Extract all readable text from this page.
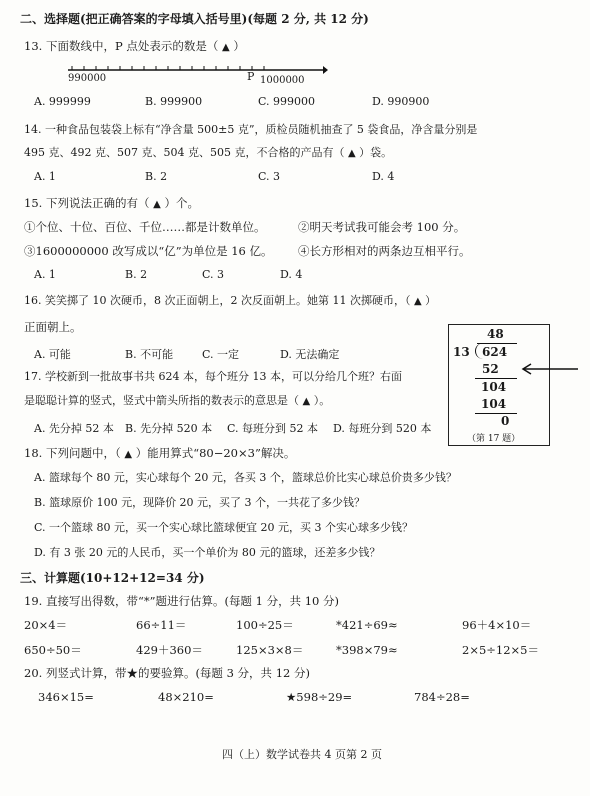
二、选择题(把正确答案的字母填入括号里)(每题 2 分, 共 12 分)
13. 下面数线中，P 点处表示的数是（ ▲ ）
990000	P 1000000
A. 999999	B. 999900	C. 999000	D. 990900
14. 一种食品包装袋上标有“净含量 500±5 克”，质检员随机抽查了 5 袋食品，净含量分别是
495 克、492 克、507 克、504 克、505 克，不合格的产品有（ ▲ ）袋。
A. 1	B. 2	C. 3	D. 4
15. 下列说法正确的有（ ▲ ）个。
①个位、十位、百位、千位……都是计数单位。	②明天考试我可能会考 100 分。
③1600000000 改写成以“亿”为单位是 16 亿。 ④长方形相对的两条边互相平行。
A. 1	B. 2	C. 3	D. 4
16. 笑笑掷了 10 次硬币，8 次正面朝上，2 次反面朝上。她第 11 次掷硬币，（ ▲ ）
正面朝上。
A. 可能	B. 不可能	C. 一定	D. 无法确定
17. 学校新到一批故事书共 624 本，每个班分 13 本，可以分给几个班？右面
是聪聪计算的竖式，竖式中箭头所指的数表示的意思是（ ▲ ）。
A. 先分掉 52 本 B. 先分掉 520 本 C. 每班分到 52 本 D. 每班分到 520 本
48
13 624
52
104
104
0
（第 17 题）
18. 下列问题中，（ ▲ ）能用算式“80−20×3”解决。
A. 篮球每个 80 元，实心球每个 20 元，各买 3 个，篮球总价比实心球总价贵多少钱？
B. 篮球原价 100 元，现降价 20 元，买了 3 个，一共花了多少钱？
C. 一个篮球 80 元，买一个实心球比篮球便宜 20 元，买 3 个实心球多少钱？
D. 有 3 张 20 元的人民币，买一个单价为 80 元的篮球，还差多少钱？
三、计算题(10+12+12=34 分)
19. 直接写出得数，带“*”题进行估算。(每题 1 分，共 10 分)
20×4＝	66÷11＝	100÷25＝	*421÷69≈	96＋4×10＝
650÷50＝	429＋360＝	125×3×8＝	*398×79≈	2×5÷12×5＝
20. 列竖式计算，带★的要验算。(每题 3 分，共 12 分)
346×15=	48×210=	★598÷29=	784÷28=
四（上）数学试卷共 4 页第 2 页
